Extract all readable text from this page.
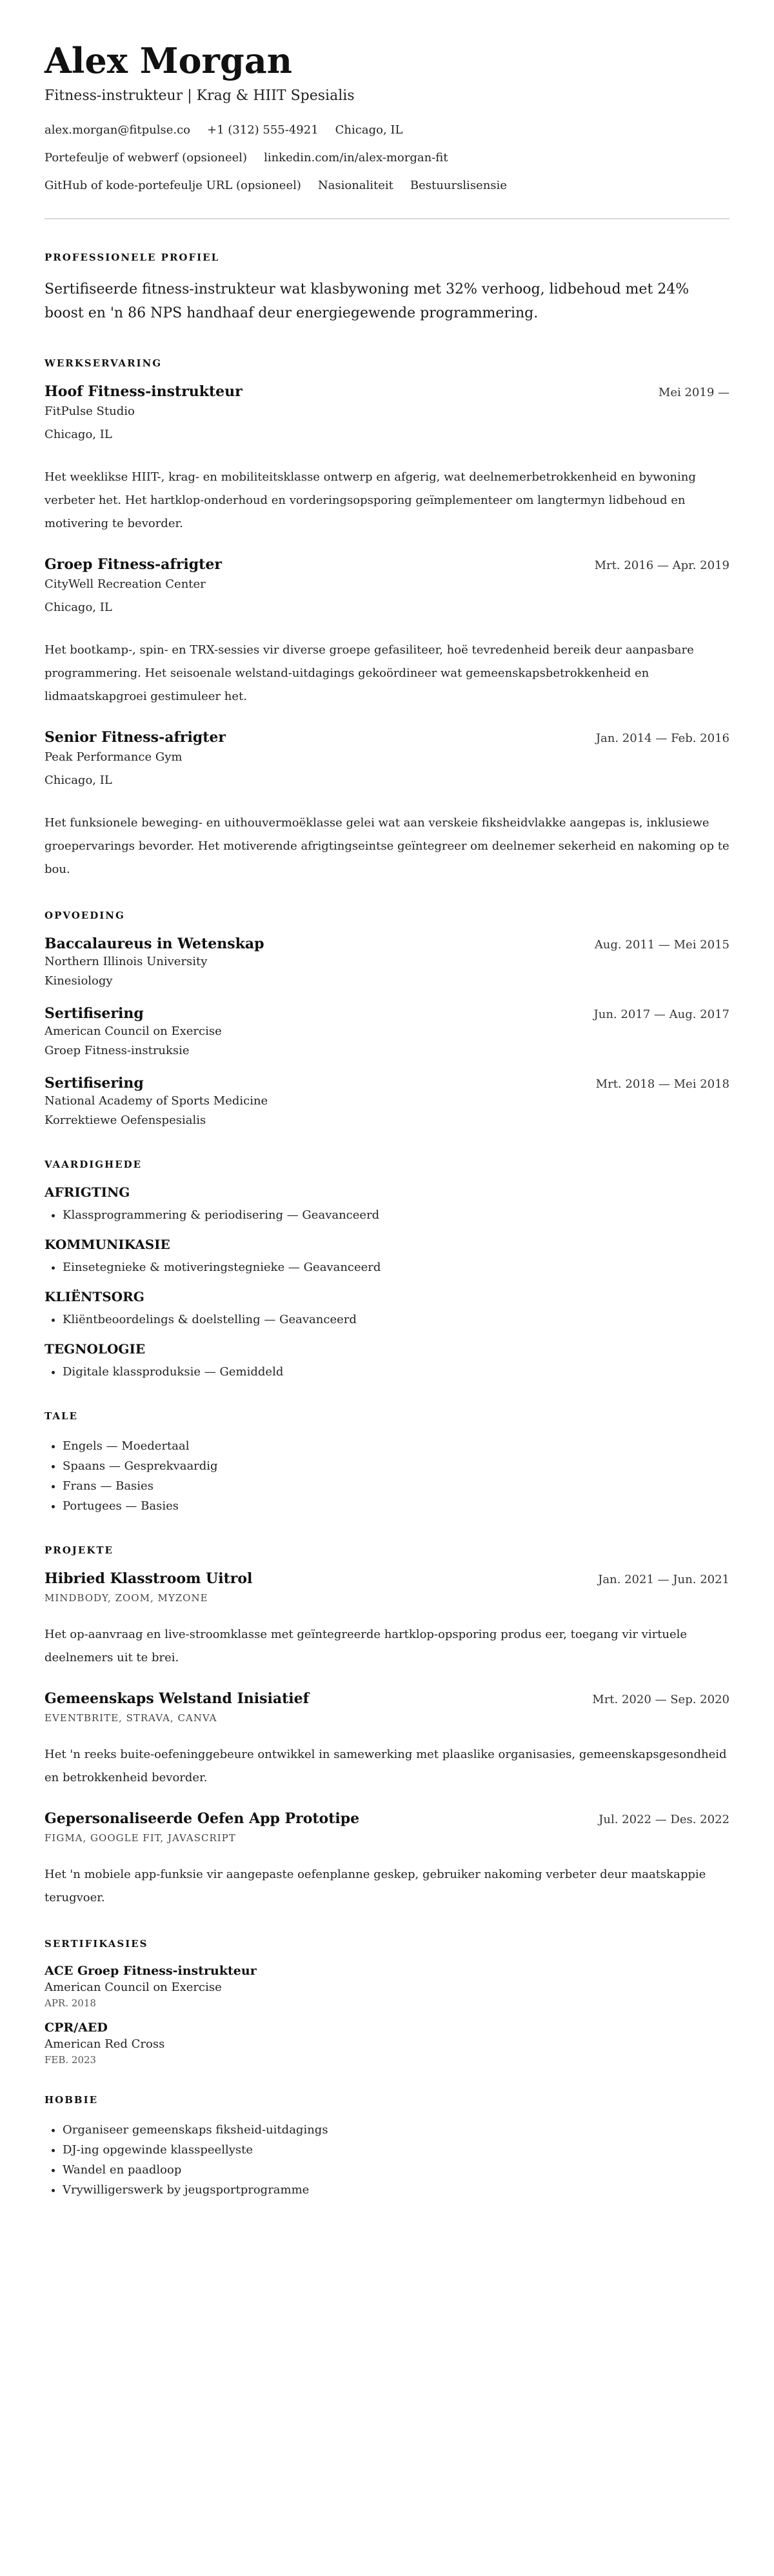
Alex Morgan
Fitness-instrukteur | Krag & HIIT Spesialis
alex.morgan@fitpulse.co +1 (312) 555-4921 Chicago, IL
Portefeulje of webwerf (opsioneel) linkedin.com/in/alex-morgan-fit
GitHub of kode-portefeulje URL (opsioneel) Nasionaliteit Bestuurslisensie
PROFESSIONELE PROFIEL

Sertifiseerde fitness-instrukteur wat klasbywoning met 32% verhoog, lidbehoud met 24% boost en 'n 86 NPS handhaaf deur energiegewende programmering.

WERKSERVARING
Hoof Fitness-instrukteur	Mei 2019 —
FitPulse Studio
Chicago, IL
Het weeklikse HIIT-, krag- en mobiliteitsklasse ontwerp en afgerig, wat deelnemerbetrokkenheid en bywoning verbeter het. Het hartklop-onderhoud en vorderingsopsporing geïmplementeer om langtermyn lidbehoud en motivering te bevorder.
Groep Fitness-afrigter	Mrt. 2016 — Apr. 2019
CityWell Recreation Center
Chicago, IL
Het bootkamp-, spin- en TRX-sessies vir diverse groepe gefasiliteer, hoë tevredenheid bereik deur aanpasbare programmering. Het seisoenale welstand-uitdagings gekoördineer wat gemeenskapsbetrokkenheid en lidmaatskapgroei gestimuleer het.
Senior Fitness-afrigter	Jan. 2014 — Feb. 2016
Peak Performance Gym
Chicago, IL
Het funksionele beweging- en uithouvermoëklasse gelei wat aan verskeie fiksheidvlakke aangepas is, inklusiewe groepervarings bevorder. Het motiverende afrigtingseintse geïntegreer om deelnemer sekerheid en nakoming op te bou.
OPVOEDING
Baccalaureus in Wetenskap	Aug. 2011 — Mei 2015
Northern Illinois University
Kinesiology
Sertifisering	Jun. 2017 — Aug. 2017
American Council on Exercise
Groep Fitness-instruksie
Sertifisering	Mrt. 2018 — Mei 2018
National Academy of Sports Medicine
Korrektiewe Oefenspesialis
VAARDIGHEDE
AFRIGTING
• Klassprogrammering & periodisering — Geavanceerd
KOMMUNIKASIE
• Einsetegnieke & motiveringstegnieke — Geavanceerd
KLIËNTSORG
• Kliëntbeoordelings & doelstelling — Geavanceerd
TEGNOLOGIE
• Digitale klassproduksie — Gemiddeld
TALE
• Engels — Moedertaal
• Spaans — Gesprekvaardig
• Frans — Basies
• Portugees — Basies
PROJEKTE
Hibried Klasstroom Uitrol	Jan. 2021 — Jun. 2021
MINDBODY, ZOOM, MYZONE
Het op-aanvraag en live-stroomklasse met geïntegreerde hartklop-opsporing produs eer, toegang vir virtuele deelnemers uit te brei.
Gemeenskaps Welstand Inisiatief	Mrt. 2020 — Sep. 2020
EVENTBRITE, STRAVA, CANVA
Het 'n reeks buite-oefeninggebeure ontwikkel in samewerking met plaaslike organisasies, gemeenskapsgesondheid en betrokkenheid bevorder.
Gepersonaliseerde Oefen App Prototipe	Jul. 2022 — Des. 2022
FIGMA, GOOGLE FIT, JAVASCRIPT
Het 'n mobiele app-funksie vir aangepaste oefenplanne geskep, gebruiker nakoming verbeter deur maatskappie terugvoer.
SERTIFIKASIES
ACE Groep Fitness-instrukteur
American Council on Exercise
APR. 2018
CPR/AED
American Red Cross
FEB. 2023
HOBBIE
• Organiseer gemeenskaps fiksheid-uitdagings
• DJ-ing opgewinde klasspeellyste
• Wandel en paadloop
• Vrywilligerswerk by jeugsportprogramme
